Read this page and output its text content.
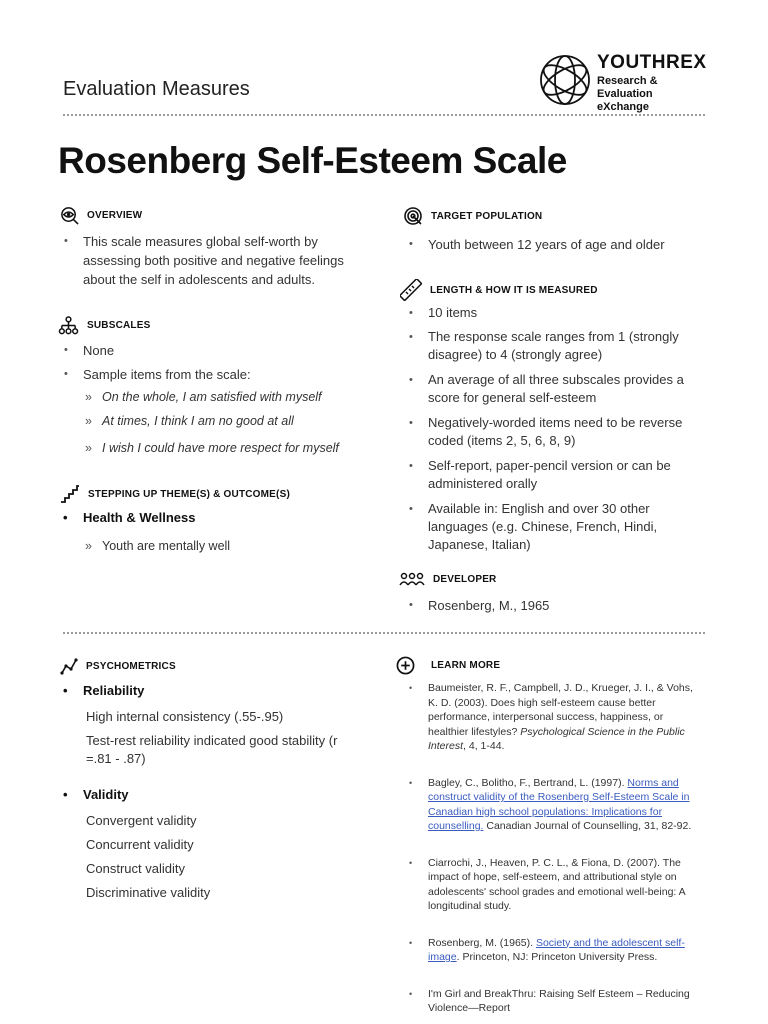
Evaluation Measures
YOUTHREX
Research &
Evaluation eXchange
Rosenberg Self-Esteem Scale
OVERVIEW
• This scale measures global self-worth by assessing both positive and negative feelings about the self in adolescents and adults.
SUBSCALES
• None
• Sample items from the scale:
» On the whole, I am satisfied with myself
» At times, I think I am no good at all
» I wish I could have more respect for myself
STEPPING UP THEME(S) & OUTCOME(S)
• Health & Wellness
» Youth are mentally well
TARGET POPULATION
• Youth between 12 years of age and older
LENGTH & HOW IT IS MEASURED
• 10 items
• The response scale ranges from 1 (strongly disagree) to 4 (strongly agree)
• An average of all three subscales provides a score for general self-esteem
• Negatively-worded items need to be reverse coded (items 2, 5, 6, 8, 9)
• Self-report, paper-pencil version or can be administered orally
• Available in: English and over 30 other languages (e.g. Chinese, French, Hindi, Japanese, Italian)
DEVELOPER
• Rosenberg, M., 1965
PSYCHOMETRICS
• Reliability
High internal consistency (.55-.95)
Test-rest reliability indicated good stability (r =.81 - .87)
• Validity
Convergent validity
Concurrent validity
Construct validity
Discriminative validity
LEARN MORE
• Baumeister, R. F., Campbell, J. D., Krueger, J. I., & Vohs, K. D. (2003). Does high self-esteem cause better performance, interpersonal success, happiness, or healthier lifestyles? Psychological Science in the Public Interest, 4, 1-44.
• Bagley, C., Bolitho, F., Bertrand, L. (1997). Norms and construct validity of the Rosenberg Self-Esteem Scale in Canadian high school populations: Implications for counselling. Canadian Journal of Counselling, 31, 82-92.
• Ciarrochi, J., Heaven, P. C. L., & Fiona, D. (2007). The impact of hope, self-esteem, and attributional style on adolescents' school grades and emotional well-being: A longitudinal study.
• Rosenberg, M. (1965). Society and the adolescent self-image. Princeton, NJ: Princeton University Press.
• I'm Girl and BreakThru: Raising Self Esteem – Reducing Violence—Report
